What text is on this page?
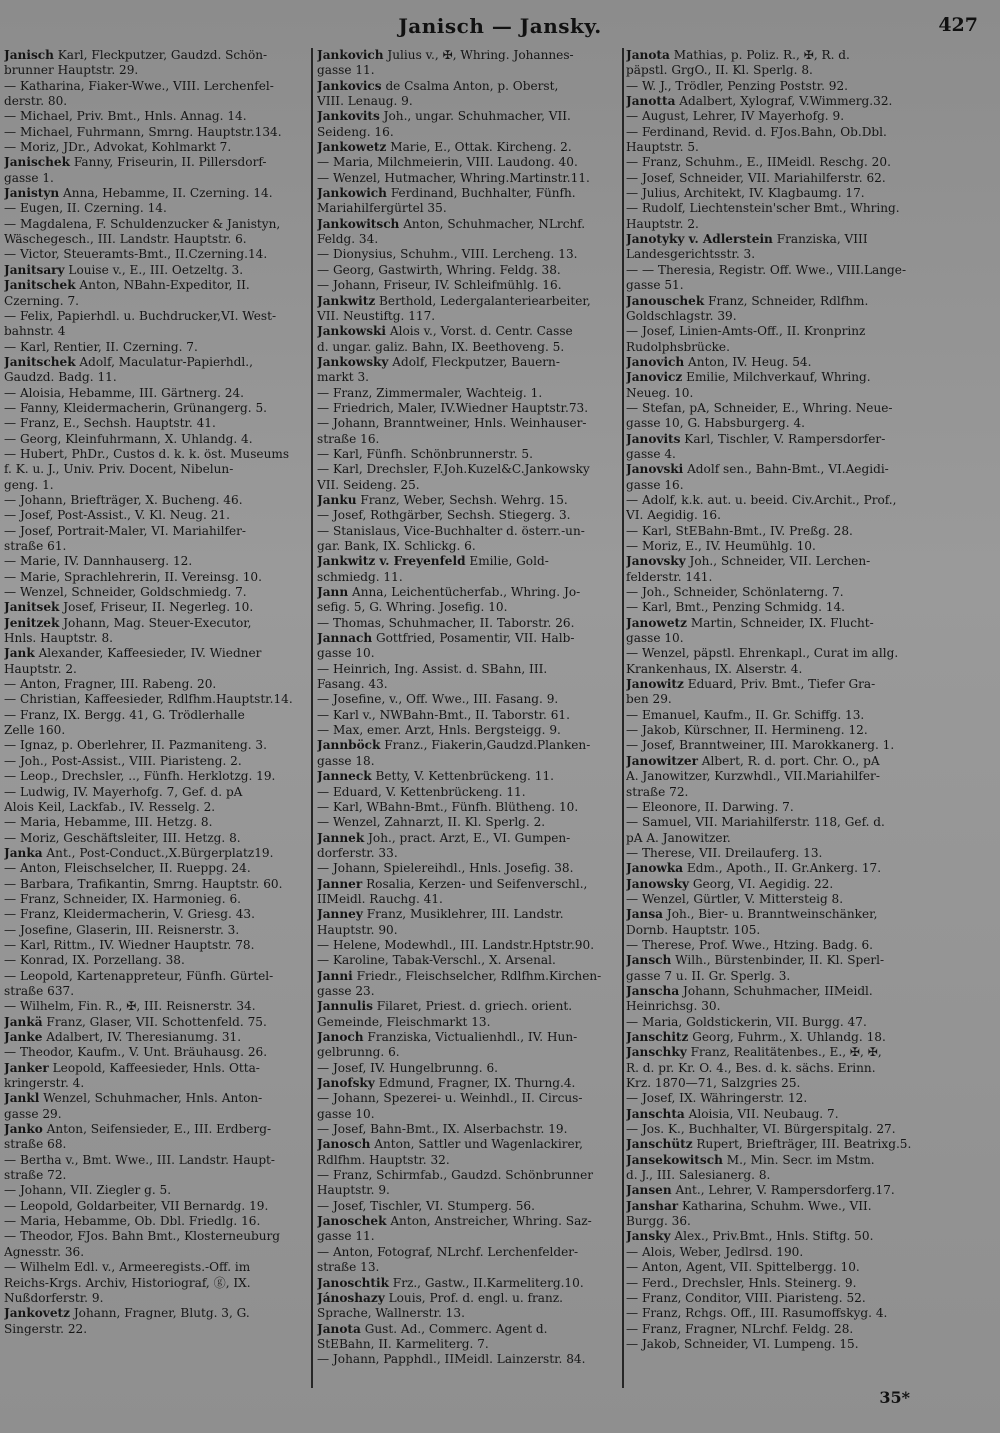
Janisch — Jansky.	427
Janisch Karl, Fleckputzer, Gaudzd. Schön-
brunner Hauptstr. 29.
— Katharina, Fiaker-Wwe., VIII. Lerchenfel-
derstr. 80.
— Michael, Priv. Bmt., Hnls. Annag. 14.
— Michael, Fuhrmann, Smrng. Hauptstr.134.
— Moriz, JDr., Advokat, Kohlmarkt 7.
Janischek Fanny, Friseurin, II. Pillersdorf-
gasse 1.
Janistyn Anna, Hebamme, II. Czerning. 14.
— Eugen, II. Czerning. 14.
— Magdalena, F. Schuldenzucker & Janistyn,
Wäschegesch., III. Landstr. Hauptstr. 6.
— Victor, Steueramts-Bmt., II.Czerning.14.
Janitsary Louise v., E., III. Oetzeltg. 3.
Janitschek Anton, NBahn-Expeditor, II.
Czerning. 7.
— Felix, Papierhdl. u. Buchdrucker,VI. West-
bahnstr. 4
— Karl, Rentier, II. Czerning. 7.
Janitschek Adolf, Maculatur-Papierhdl.,
Gaudzd. Badg. 11.
— Aloisia, Hebamme, III. Gärtnerg. 24.
— Fanny, Kleidermacherin, Grünangerg. 5.
— Franz, E., Sechsh. Hauptstr. 41.
— Georg, Kleinfuhrmann, X. Uhlandg. 4.
— Hubert, PhDr., Custos d. k. k. öst. Museums
f. K. u. J., Univ. Priv. Docent, Nibelun-
geng. 1.
— Johann, Briefträger, X. Bucheng. 46.
— Josef, Post-Assist., V. Kl. Neug. 21.
— Josef, Portrait-Maler, VI. Mariahilfer-
straße 61.
— Marie, IV. Dannhauserg. 12.
— Marie, Sprachlehrerin, II. Vereinsg. 10.
— Wenzel, Schneider, Goldschmiedg. 7.
Janitsek Josef, Friseur, II. Negerleg. 10.
Jenitzek Johann, Mag. Steuer-Executor,
Hnls. Hauptstr. 8.
Jank Alexander, Kaffeesieder, IV. Wiedner
Hauptstr. 2.
— Anton, Fragner, III. Rabeng. 20.
— Christian, Kaffeesieder, Rdlfhm.Hauptstr.14.
— Franz, IX. Bergg. 41, G. Trödlerhalle
Zelle 160.
— Ignaz, p. Oberlehrer, II. Pazmaniteng. 3.
— Joh., Post-Assist., VIII. Piaristeng. 2.
— Leop., Drechsler, .., Fünfh. Herklotzg. 19.
— Ludwig, IV. Mayerhofg. 7, Gef. d. pA
Alois Keil, Lackfab., IV. Resselg. 2.
— Maria, Hebamme, III. Hetzg. 8.
— Moriz, Geschäftsleiter, III. Hetzg. 8.
Janka Ant., Post-Conduct.,X.Bürgerplatz19.
— Anton, Fleischselcher, II. Rueppg. 24.
— Barbara, Trafikantin, Smrng. Hauptstr. 60.
— Franz, Schneider, IX. Harmonieg. 6.
— Franz, Kleidermacherin, V. Griesg. 43.
— Josefine, Glaserin, III. Reisnerstr. 3.
— Karl, Rittm., IV. Wiedner Hauptstr. 78.
— Konrad, IX. Porzellang. 38.
— Leopold, Kartenappreteur, Fünfh. Gürtel-
straße 637.
— Wilhelm, Fin. R., ✠, III. Reisnerstr. 34.
Jankä Franz, Glaser, VII. Schottenfeld. 75.
Janke Adalbert, IV. Theresianumg. 31.
— Theodor, Kaufm., V. Unt. Bräuhausg. 26.
Janker Leopold, Kaffeesieder, Hnls. Otta-
kringerstr. 4.
Jankl Wenzel, Schuhmacher, Hnls. Anton-
gasse 29.
Janko Anton, Seifensieder, E., III. Erdberg-
straße 68.
— Bertha v., Bmt. Wwe., III. Landstr. Haupt-
straße 72.
— Johann, VII. Ziegler g. 5.
— Leopold, Goldarbeiter, VII Bernardg. 19.
— Maria, Hebamme, Ob. Dbl. Friedlg. 16.
— Theodor, FJos. Bahn Bmt., Klosterneuburg
Agnesstr. 36.
— Wilhelm Edl. v., Armeeregists.-Off. im
Reichs-Krgs. Archiv, Historiograf, ⓖ, IX.
Nußdorferstr. 9.
Jankovetz Johann, Fragner, Blutg. 3, G.
Singerstr. 22.
Jankovich Julius v., ✠, Whring. Johannes-
gasse 11.
Jankovics de Csalma Anton, p. Oberst,
VIII. Lenaug. 9.
Jankovits Joh., ungar. Schuhmacher, VII.
Seideng. 16.
Jankowetz Marie, E., Ottak. Kircheng. 2.
— Maria, Milchmeierin, VIII. Laudong. 40.
— Wenzel, Hutmacher, Whring.Martinstr.11.
Jankowich Ferdinand, Buchhalter, Fünfh.
Mariahilfergürtel 35.
Jankowitsch Anton, Schuhmacher, NLrchf.
Feldg. 34.
— Dionysius, Schuhm., VIII. Lercheng. 13.
— Georg, Gastwirth, Whring. Feldg. 38.
— Johann, Friseur, IV. Schleifmühlg. 16.
Jankwitz Berthold, Ledergalanteriearbeiter,
VII. Neustiftg. 117.
Jankowski Alois v., Vorst. d. Centr. Casse
d. ungar. galiz. Bahn, IX. Beethoveng. 5.
Jankowsky Adolf, Fleckputzer, Bauern-
markt 3.
— Franz, Zimmermaler, Wachteig. 1.
— Friedrich, Maler, IV.Wiedner Hauptstr.73.
— Johann, Branntweiner, Hnls. Weinhauser-
straße 16.
— Karl, Fünfh. Schönbrunnerstr. 5.
— Karl, Drechsler, F.Joh.Kuzel&C.Jankowsky
VII. Seideng. 25.
Janku Franz, Weber, Sechsh. Wehrg. 15.
— Josef, Rothgärber, Sechsh. Stiegerg. 3.
— Stanislaus, Vice-Buchhalter d. österr.-un-
gar. Bank, IX. Schlickg. 6.
Jankwitz v. Freyenfeld Emilie, Gold-
schmiedg. 11.
Jann Anna, Leichentücherfab., Whring. Jo-
sefig. 5, G. Whring. Josefig. 10.
— Thomas, Schuhmacher, II. Taborstr. 26.
Jannach Gottfried, Posamentir, VII. Halb-
gasse 10.
— Heinrich, Ing. Assist. d. SBahn, III.
Fasang. 43.
— Josefine, v., Off. Wwe., III. Fasang. 9.
— Karl v., NWBahn-Bmt., II. Taborstr. 61.
— Max, emer. Arzt, Hnls. Bergsteigg. 9.
Jannböck Franz., Fiakerin,Gaudzd.Planken-
gasse 18.
Janneck Betty, V. Kettenbrückeng. 11.
— Eduard, V. Kettenbrückeng. 11.
— Karl, WBahn-Bmt., Fünfh. Blütheng. 10.
— Wenzel, Zahnarzt, II. Kl. Sperlg. 2.
Jannek Joh., pract. Arzt, E., VI. Gumpen-
dorferstr. 33.
— Johann, Spielereihdl., Hnls. Josefig. 38.
Janner Rosalia, Kerzen- und Seifenverschl.,
IIMeidl. Rauchg. 41.
Janney Franz, Musiklehrer, III. Landstr.
Hauptstr. 90.
— Helene, Modewhdl., III. Landstr.Hptstr.90.
— Karoline, Tabak-Verschl., X. Arsenal.
Janni Friedr., Fleischselcher, Rdlfhm.Kirchen-
gasse 23.
Jannulis Filaret, Priest. d. griech. orient.
Gemeinde, Fleischmarkt 13.
Janoch Franziska, Victualienhdl., IV. Hun-
gelbrunng. 6.
— Josef, IV. Hungelbrunng. 6.
Janofsky Edmund, Fragner, IX. Thurng.4.
— Johann, Spezerei- u. Weinhdl., II. Circus-
gasse 10.
— Josef, Bahn-Bmt., IX. Alserbachstr. 19.
Janosch Anton, Sattler und Wagenlackirer,
Rdlfhm. Hauptstr. 32.
— Franz, Schirmfab., Gaudzd. Schönbrunner
Hauptstr. 9.
— Josef, Tischler, VI. Stumperg. 56.
Janoschek Anton, Anstreicher, Whring. Saz-
gasse 11.
— Anton, Fotograf, NLrchf. Lerchenfelder-
straße 13.
Janoschtik Frz., Gastw., II.Karmeliterg.10.
Jánoshazy Louis, Prof. d. engl. u. franz.
Sprache, Wallnerstr. 13.
Janota Gust. Ad., Commerc. Agent d.
StEBahn, II. Karmeliterg. 7.
— Johann, Papphdl., IIMeidl. Lainzerstr. 84.
Janota Mathias, p. Poliz. R., ✠, R. d.
päpstl. GrgO., II. Kl. Sperlg. 8.
— W. J., Trödler, Penzing Poststr. 92.
Janotta Adalbert, Xylograf, V.Wimmerg.32.
— August, Lehrer, IV Mayerhofg. 9.
— Ferdinand, Revid. d. FJos.Bahn, Ob.Dbl.
Hauptstr. 5.
— Franz, Schuhm., E., IIMeidl. Reschg. 20.
— Josef, Schneider, VII. Mariahilferstr. 62.
— Julius, Architekt, IV. Klagbaumg. 17.
— Rudolf, Liechtenstein'scher Bmt., Whring.
Hauptstr. 2.
Janotyky v. Adlerstein Franziska, VIII
Landesgerichtsstr. 3.
— — Theresia, Registr. Off. Wwe., VIII.Lange-
gasse 51.
Janouschek Franz, Schneider, Rdlfhm.
Goldschlagstr. 39.
— Josef, Linien-Amts-Off., II. Kronprinz
Rudolphsbrücke.
Janovich Anton, IV. Heug. 54.
Janovicz Emilie, Milchverkauf, Whring.
Neueg. 10.
— Stefan, pA, Schneider, E., Whring. Neue-
gasse 10, G. Habsburgerg. 4.
Janovits Karl, Tischler, V. Rampersdorfer-
gasse 4.
Janovski Adolf sen., Bahn-Bmt., VI.Aegidi-
gasse 16.
— Adolf, k.k. aut. u. beeid. Civ.Archit., Prof.,
VI. Aegidig. 16.
— Karl, StEBahn-Bmt., IV. Preßg. 28.
— Moriz, E., IV. Heumühlg. 10.
Janovsky Joh., Schneider, VII. Lerchen-
felderstr. 141.
— Joh., Schneider, Schönlaterng. 7.
— Karl, Bmt., Penzing Schmidg. 14.
Janowetz Martin, Schneider, IX. Flucht-
gasse 10.
— Wenzel, päpstl. Ehrenkapl., Curat im allg.
Krankenhaus, IX. Alserstr. 4.
Janowitz Eduard, Priv. Bmt., Tiefer Gra-
ben 29.
— Emanuel, Kaufm., II. Gr. Schiffg. 13.
— Jakob, Kürschner, II. Hermineng. 12.
— Josef, Branntweiner, III. Marokkanerg. 1.
Janowitzer Albert, R. d. port. Chr. O., pA
A. Janowitzer, Kurzwhdl., VII.Mariahilfer-
straße 72.
— Eleonore, II. Darwing. 7.
— Samuel, VII. Mariahilferstr. 118, Gef. d.
pA A. Janowitzer.
— Therese, VII. Dreilauferg. 13.
Janowka Edm., Apoth., II. Gr.Ankerg. 17.
Janowsky Georg, VI. Aegidig. 22.
— Wenzel, Gürtler, V. Mittersteig 8.
Jansa Joh., Bier- u. Branntweinschänker,
Dornb. Hauptstr. 105.
— Therese, Prof. Wwe., Htzing. Badg. 6.
Jansch Wilh., Bürstenbinder, II. Kl. Sperl-
gasse 7 u. II. Gr. Sperlg. 3.
Janscha Johann, Schuhmacher, IIMeidl.
Heinrichsg. 30.
— Maria, Goldstickerin, VII. Burgg. 47.
Janschitz Georg, Fuhrm., X. Uhlandg. 18.
Janschky Franz, Realitätenbes., E., ✠, ✠,
R. d. pr. Kr. O. 4., Bes. d. k. sächs. Erinn.
Krz. 1870—71, Salzgries 25.
— Josef, IX. Währingerstr. 12.
Janschta Aloisia, VII. Neubaug. 7.
— Jos. K., Buchhalter, VI. Bürgerspitalg. 27.
Janschütz Rupert, Briefträger, III. Beatrixg.5.
Jansekowitsch M., Min. Secr. im Mstm.
d. J., III. Salesianerg. 8.
Jansen Ant., Lehrer, V. Rampersdorferg.17.
Janshar Katharina, Schuhm. Wwe., VII.
Burgg. 36.
Jansky Alex., Priv.Bmt., Hnls. Stiftg. 50.
— Alois, Weber, Jedlrsd. 190.
— Anton, Agent, VII. Spittelbergg. 10.
— Ferd., Drechsler, Hnls. Steinerg. 9.
— Franz, Conditor, VIII. Piaristeng. 52.
— Franz, Rchgs. Off., III. Rasumoffskyg. 4.
— Franz, Fragner, NLrchf. Feldg. 28.
— Jakob, Schneider, VI. Lumpeng. 15.
35*
